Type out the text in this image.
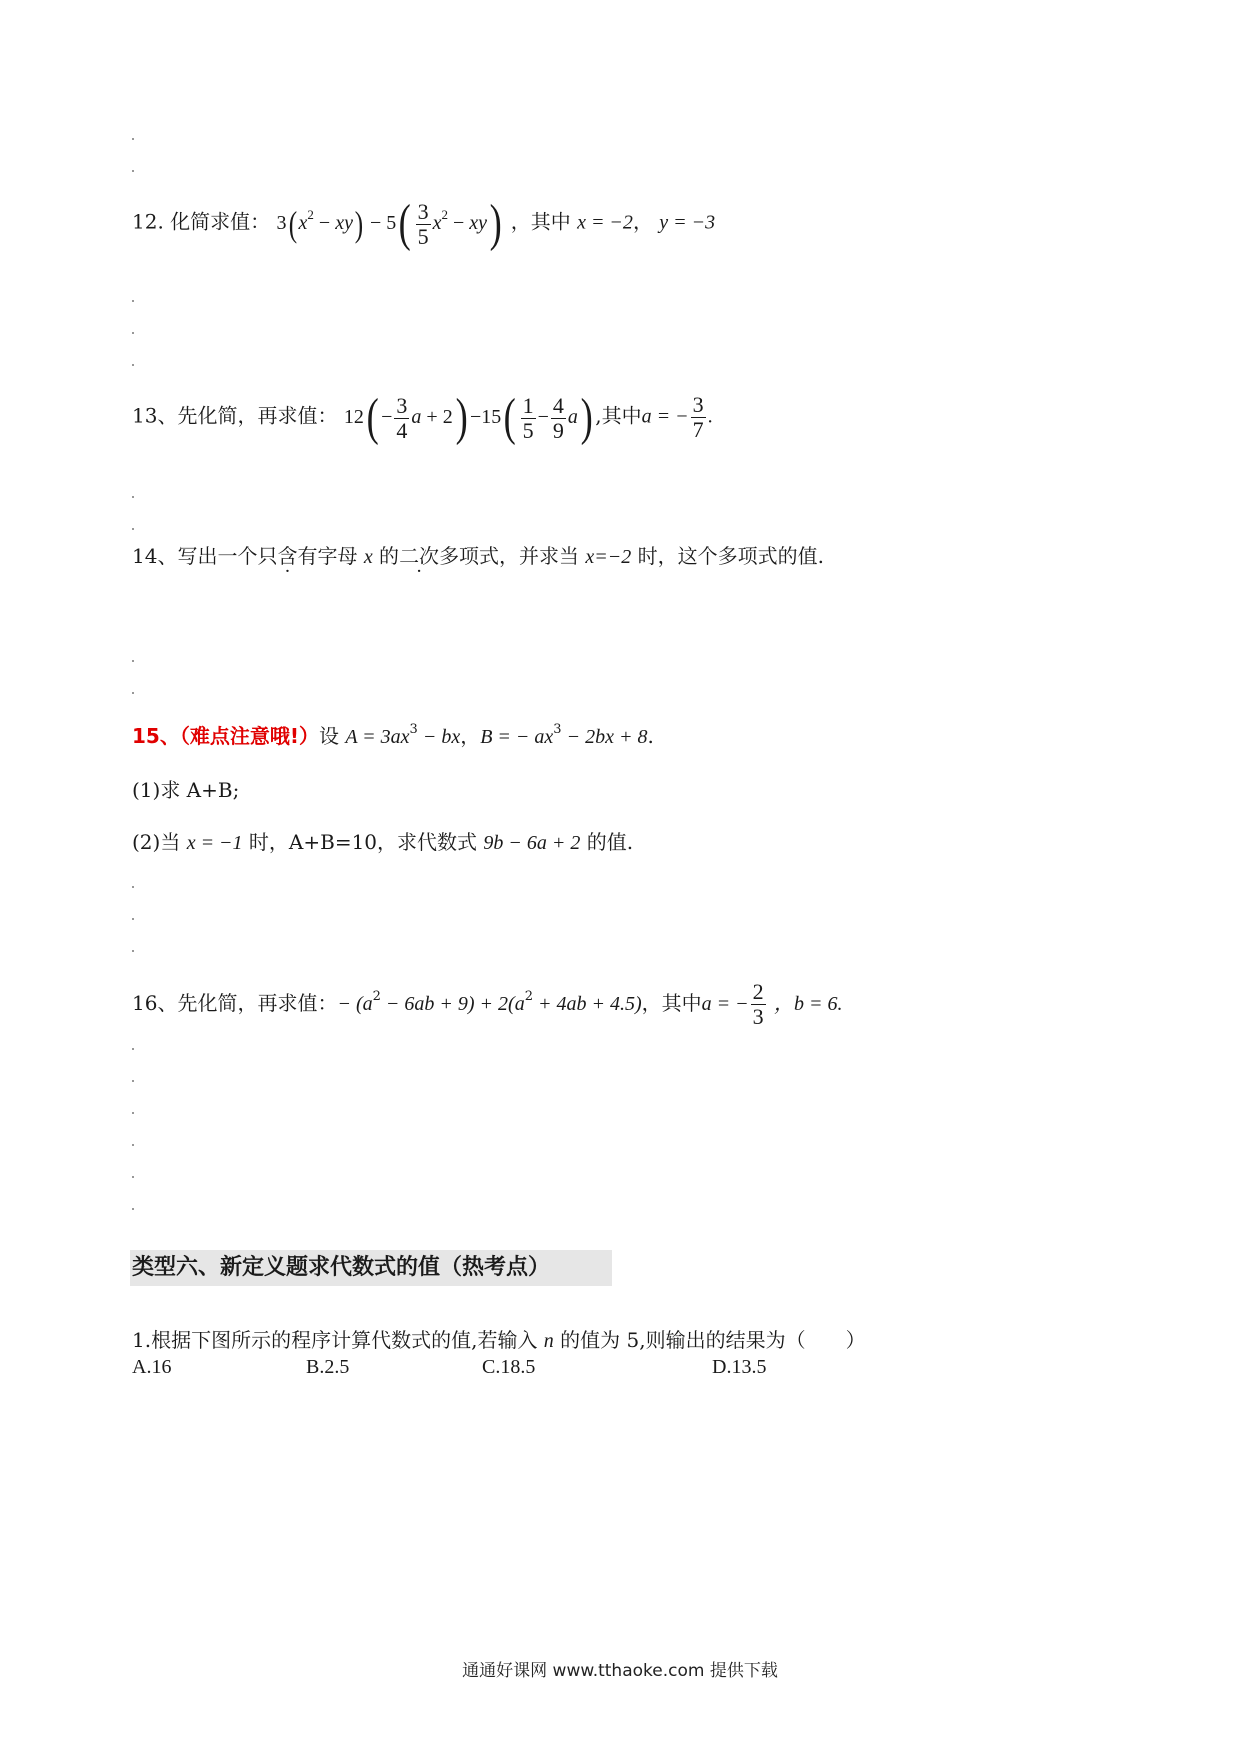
12. 化简求值： $3(x^2 - xy) - 5( \frac{3}{5} x^2 - xy)$ ，其中 x = −2， y = −3
13、先化简，再求值： $12( - \frac{3}{4}$ $a + 2) -15( \frac{1}{5} - \frac{4}{9} a)$ ,其中a = − $\frac{3}{7}$ .
14、写出一个只含有字母 x 的二次多项式，并求当 x=−2 时，这个多项式的值.
15、（难点注意哦!）设 $A = 3ax^3$ − bx，B = − $ax^3 - 2bx + 8$.
(1)求 A+B;
(2)当 x = −1 时，A+B=10，求代数式 9b − 6a + 2 的值.
16、先化简，再求值：− $(a^2 - 6ab + 9) + 2(a^2 + 4ab + 4.5)$，其中a = − $\frac{2}{3}$ ，b = 6.
类型六、新定义题求代数式的值（热考点）
1.根据下图所示的程序计算代数式的值,若输入 n 的值为 5,则输出的结果为（　　）
A.16	B.2.5	C.18.5	D.13.5
通通好课网 www.tthaoke.com 提供下载
